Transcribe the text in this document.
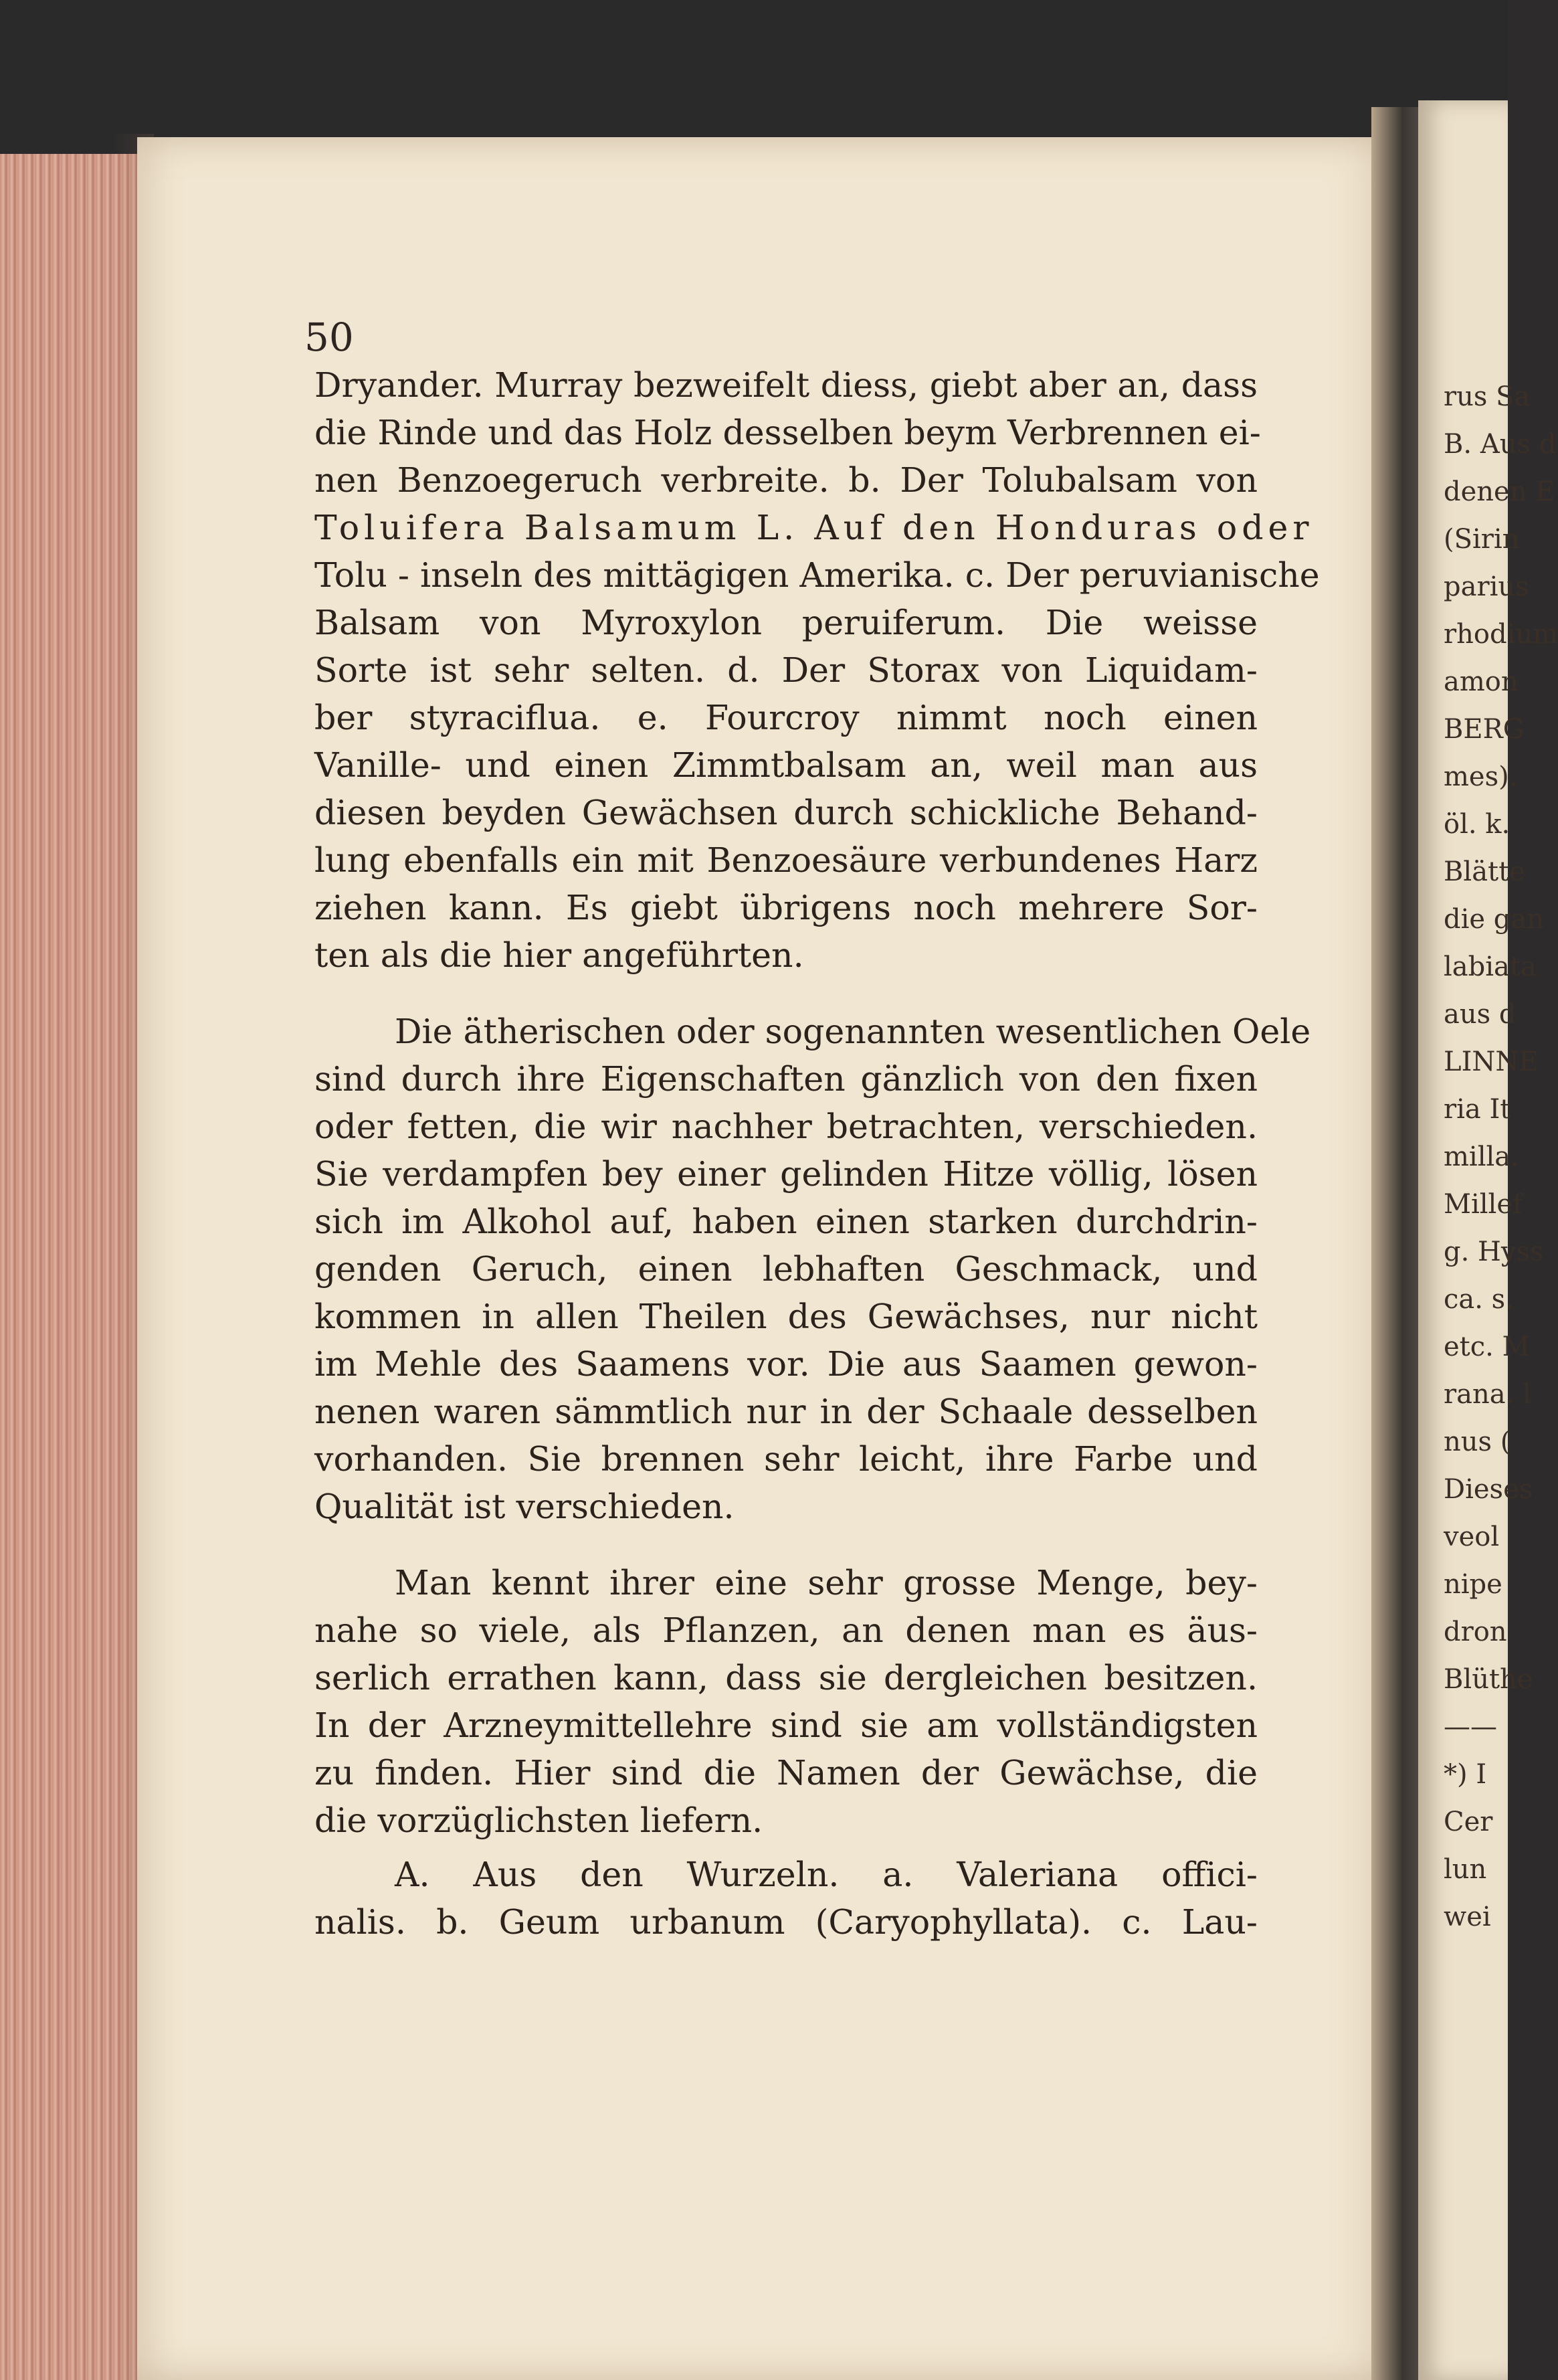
50
Dryander. Murray bezweifelt diess, giebt aber an, dass
die Rinde und das Holz desselben beym Verbrennen ei-
nen Benzoegeruch verbreite. b. Der Tolubalsam von
Toluifera Balsamum L. Auf den Honduras oder
Tolu - inseln des mittägigen Amerika. c. Der peruvianische
Balsam von Myroxylon peruiferum. Die weisse
Sorte ist sehr selten. d. Der Storax von Liquidam-
ber styraciflua. e. Fourcroy nimmt noch einen
Vanille- und einen Zimmtbalsam an, weil man aus
diesen beyden Gewächsen durch schickliche Behand-
lung ebenfalls ein mit Benzoesäure verbundenes Harz
ziehen kann. Es giebt übrigens noch mehrere Sor-
ten als die hier angeführten.
Die ätherischen oder sogenannten wesentlichen Oele
sind durch ihre Eigenschaften gänzlich von den fixen
oder fetten, die wir nachher betrachten, verschieden.
Sie verdampfen bey einer gelinden Hitze völlig, lösen
sich im Alkohol auf, haben einen starken durchdrin-
genden Geruch, einen lebhaften Geschmack, und
kommen in allen Theilen des Gewächses, nur nicht
im Mehle des Saamens vor. Die aus Saamen gewon-
nenen waren sämmtlich nur in der Schaale desselben
vorhanden. Sie brennen sehr leicht, ihre Farbe und
Qualität ist verschieden.
Man kennt ihrer eine sehr grosse Menge, bey-
nahe so viele, als Pflanzen, an denen man es äus-
serlich errathen kann, dass sie dergleichen besitzen.
In der Arzneymittellehre sind sie am vollständigsten
zu finden. Hier sind die Namen der Gewächse, die
die vorzüglichsten liefern.
A. Aus den Wurzeln. a. Valeriana offici-
nalis. b. Geum urbanum (Caryophyllata). c. Lau-
rus Sa
B. Aus d
denen E
(Sirin
parius
rhodium
amon
BERG
mes).
öl. k.
Blätte
die gan
labiata
aus d
LINNE
ria It
milla.
Millef
g. Hyss
ca. s.
etc. M
rana. l
nus (
Dieses
veol
nipe
dron
Blüthe
——
*) I
Cer
lun
wei
